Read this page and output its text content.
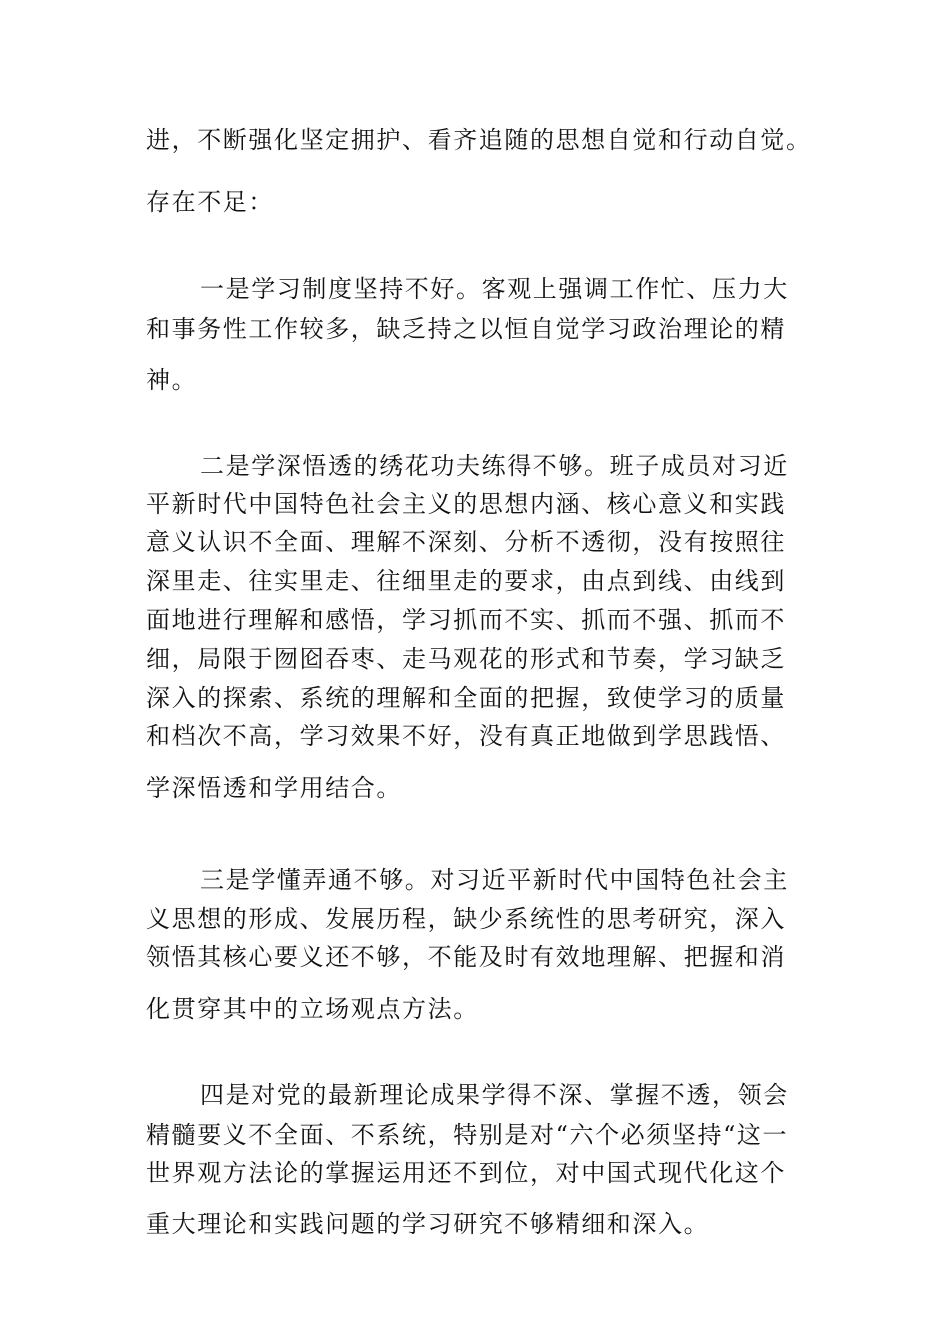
进，不断强化坚定拥护、看齐追随的思想自觉和行动自觉。
存在不足：
一是学习制度坚持不好。客观上强调工作忙、压力大
和事务性工作较多，缺乏持之以恒自觉学习政治理论的精
神。
二是学深悟透的绣花功夫练得不够。班子成员对习近
平新时代中国特色社会主义的思想内涵、核心意义和实践
意义认识不全面、理解不深刻、分析不透彻，没有按照往
深里走、往实里走、往细里走的要求，由点到线、由线到
面地进行理解和感悟，学习抓而不实、抓而不强、抓而不
细，局限于囫囵吞枣、走马观花的形式和节奏，学习缺乏
深入的探索、系统的理解和全面的把握，致使学习的质量
和档次不高，学习效果不好，没有真正地做到学思践悟、
学深悟透和学用结合。
三是学懂弄通不够。对习近平新时代中国特色社会主
义思想的形成、发展历程，缺少系统性的思考研究，深入
领悟其核心要义还不够，不能及时有效地理解、把握和消
化贯穿其中的立场观点方法。
四是对党的最新理论成果学得不深、掌握不透，领会
精髓要义不全面、不系统，特别是对“六个必须坚持“这一
世界观方法论的掌握运用还不到位，对中国式现代化这个
重大理论和实践问题的学习研究不够精细和深入。
